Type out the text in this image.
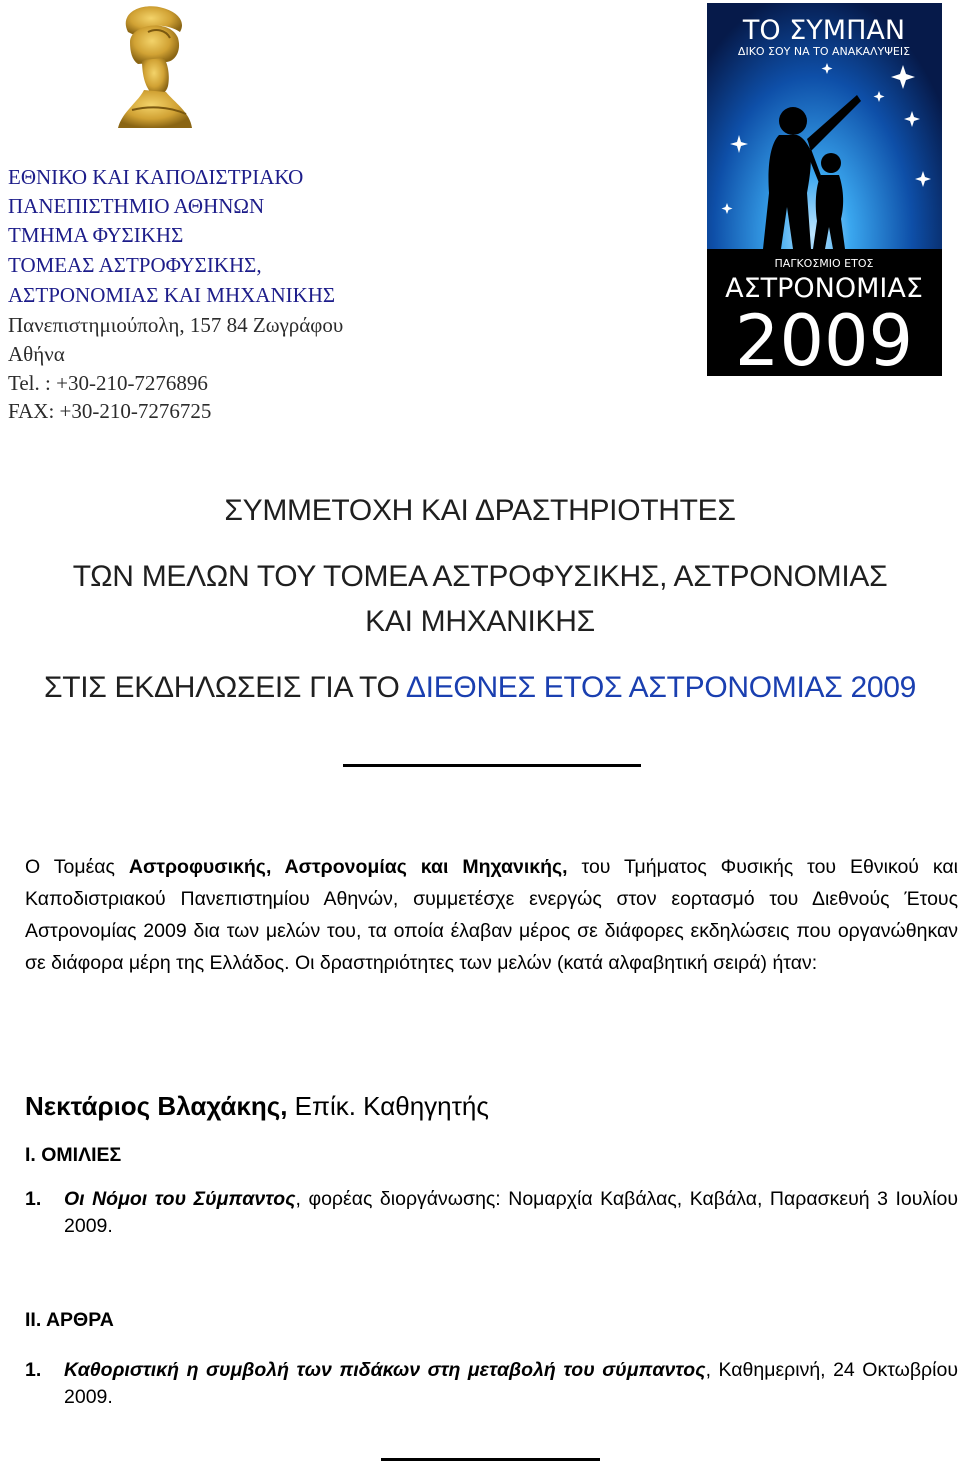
ΕΘΝΙΚΟ ΚΑΙ ΚΑΠΟΔΙΣΤΡΙΑΚΟ
ΠΑΝΕΠΙΣΤΗΜΙΟ ΑΘΗΝΩΝ
ΤΜΗΜΑ ΦΥΣΙΚΗΣ
ΤΟΜΕΑΣ ΑΣΤΡΟΦΥΣΙΚΗΣ,
ΑΣΤΡΟΝΟΜΙΑΣ ΚΑΙ ΜΗΧΑΝΙΚΗΣ
Πανεπιστημιούπολη, 157 84 Ζωγράφου
Αθήνα
Tel. : +30-210-7276896
FAX: +30-210-7276725
ΤΟ ΣΥΜΠΑΝ
ΔΙΚΟ ΣΟΥ ΝΑ ΤΟ ΑΝΑΚΑΛΥΨΕΙΣ
ΠΑΓΚΟΣΜΙΟ ΕΤΟΣ
ΑΣΤΡΟΝΟΜΙΑΣ
2009
ΣΥΜΜΕΤΟΧΗ ΚΑΙ ΔΡΑΣΤΗΡΙΟΤΗΤΕΣ
ΤΩΝ ΜΕΛΩΝ ΤΟΥ ΤΟΜΕΑ ΑΣΤΡΟΦΥΣΙΚΗΣ, ΑΣΤΡΟΝΟΜΙΑΣ
ΚΑΙ ΜΗΧΑΝΙΚΗΣ
ΣΤΙΣ ΕΚΔΗΛΩΣΕΙΣ ΓΙΑ ΤΟ ΔΙΕΘΝΕΣ ΕΤΟΣ ΑΣΤΡΟΝΟΜΙΑΣ 2009
Ο Τομέας Αστροφυσικής, Αστρονομίας και Μηχανικής, του Τμήματος Φυσικής του Εθνικού και Καποδιστριακού Πανεπιστημίου Αθηνών, συμμετέσχε ενεργώς στον εορτασμό του Διεθνούς Έτους Αστρονομίας 2009 δια των μελών του, τα οποία έλαβαν μέρος σε διάφορες εκδηλώσεις που οργανώθηκαν σε διάφορα μέρη της Ελλάδος. Οι δραστηριότητες των μελών (κατά αλφαβητική σειρά) ήταν:
Νεκτάριος Βλαχάκης, Επίκ. Καθηγητής
Ι. ΟΜΙΛΙΕΣ
1. Οι Νόμοι του Σύμπαντος, φορέας διοργάνωσης: Νομαρχία Καβάλας, Καβάλα, Παρασκευή 3 Ιουλίου 2009.
ΙΙ. ΑΡΘΡΑ
1. Καθοριστική η συμβολή των πιδάκων στη μεταβολή του σύμπαντος, Καθημερινή, 24 Οκτωβρίου 2009.
